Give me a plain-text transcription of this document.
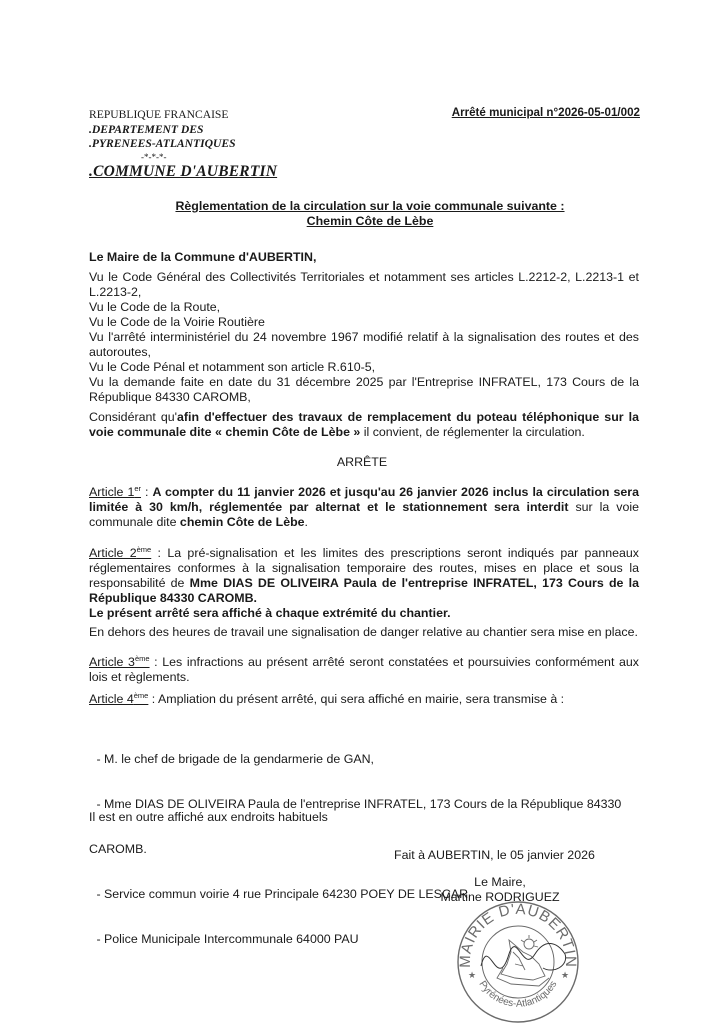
REPUBLIQUE FRANCAISE
.DEPARTEMENT DES
.PYRENEES-ATLANTIQUES
-*-*-*-
.COMMUNE D'AUBERTIN
Arrêté municipal n°2026-05-01/002
Règlementation de la circulation sur la voie communale suivante :
Chemin Côte de Lèbe
Le Maire de la Commune d'AUBERTIN,

Vu le Code Général des Collectivités Territoriales et notamment ses articles L.2212-2, L.2213-1 et L.2213-2,

Vu le Code de la Route,

Vu le Code de la Voirie Routière

Vu l'arrêté interministériel du 24 novembre 1967 modifié relatif à la signalisation des routes et des autoroutes,

Vu le Code Pénal et notamment son article R.610-5,

Vu la demande faite en date du 31 décembre 2025 par l'Entreprise INFRATEL, 173 Cours de la République 84330 CAROMB,

Considérant qu'afin d'effectuer des travaux de remplacement du poteau téléphonique sur la voie communale dite « chemin Côte de Lèbe » il convient, de réglementer la circulation.

ARRÊTE

Article 1er : A compter du 11 janvier 2026 et jusqu'au 26 janvier 2026 inclus la circulation sera limitée à 30 km/h, réglementée par alternat et le stationnement sera interdit sur la voie communale dite chemin Côte de Lèbe.

Article 2ème : La pré-signalisation et les limites des prescriptions seront indiqués par panneaux réglementaires conformes à la signalisation temporaire des routes, mises en place et sous la responsabilité de Mme DIAS DE OLIVEIRA Paula de l'entreprise INFRATEL, 173 Cours de la République 84330 CAROMB.

Le présent arrêté sera affiché à chaque extrémité du chantier.

En dehors des heures de travail une signalisation de danger relative au chantier sera mise en place.

Article 3ème : Les infractions au présent arrêté seront constatées et poursuivies conformément aux lois et règlements.

Article 4ème : Ampliation du présent arrêté, qui sera affiché en mairie, sera transmise à :

- M. le chef de brigade de la gendarmerie de GAN,

- Mme DIAS DE OLIVEIRA Paula de l'entreprise INFRATEL, 173 Cours de la République 84330

CAROMB.

- Service commun voirie 4 rue Principale 64230 POEY DE LESCAR

- Police Municipale Intercommunale 64000 PAU

Il est en outre affiché aux endroits habituels
Fait à AUBERTIN, le 05 janvier 2026
Le Maire,
Martine RODRIGUEZ
MAIRIE D'AUBERTIN
Pyrénées-Atlantiques
★	★
